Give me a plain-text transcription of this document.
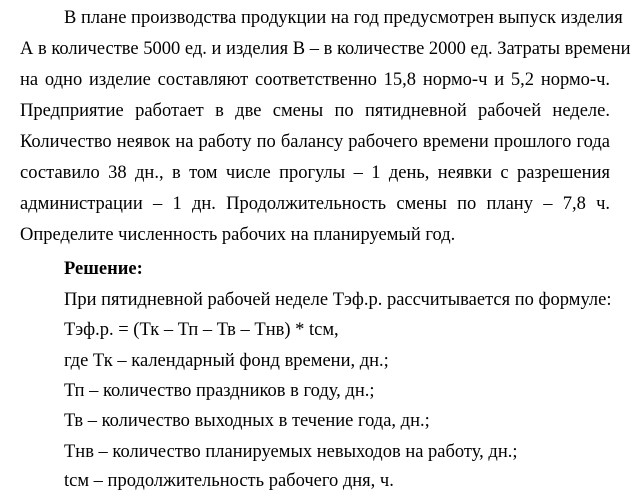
В плане производства продукции на год предусмотрен выпуск изделия
А в количестве 5000 ед. и изделия В – в количестве 2000 ед. Затраты времени
на одно изделие составляют соответственно 15,8 нормо-ч и 5,2 нормо-ч.
Предприятие работает в две смены по пятидневной рабочей неделе.
Количество неявок на работу по балансу рабочего времени прошлого года
составило 38 дн., в том числе прогулы – 1 день, неявки с разрешения
администрации – 1 дн. Продолжительность смены по плану – 7,8 ч.
Определите численность рабочих на планируемый год.
Решение:
При пятидневной рабочей неделе Тэф.р. рассчитывается по формуле:
Тэф.р. = (Тк – Тп – Тв – Тнв) * tсм,
где Тк – календарный фонд времени, дн.;
Тп – количество праздников в году, дн.;
Тв – количество выходных в течение года, дн.;
Тнв – количество планируемых невыходов на работу, дн.;
tсм – продолжительность рабочего дня, ч.
